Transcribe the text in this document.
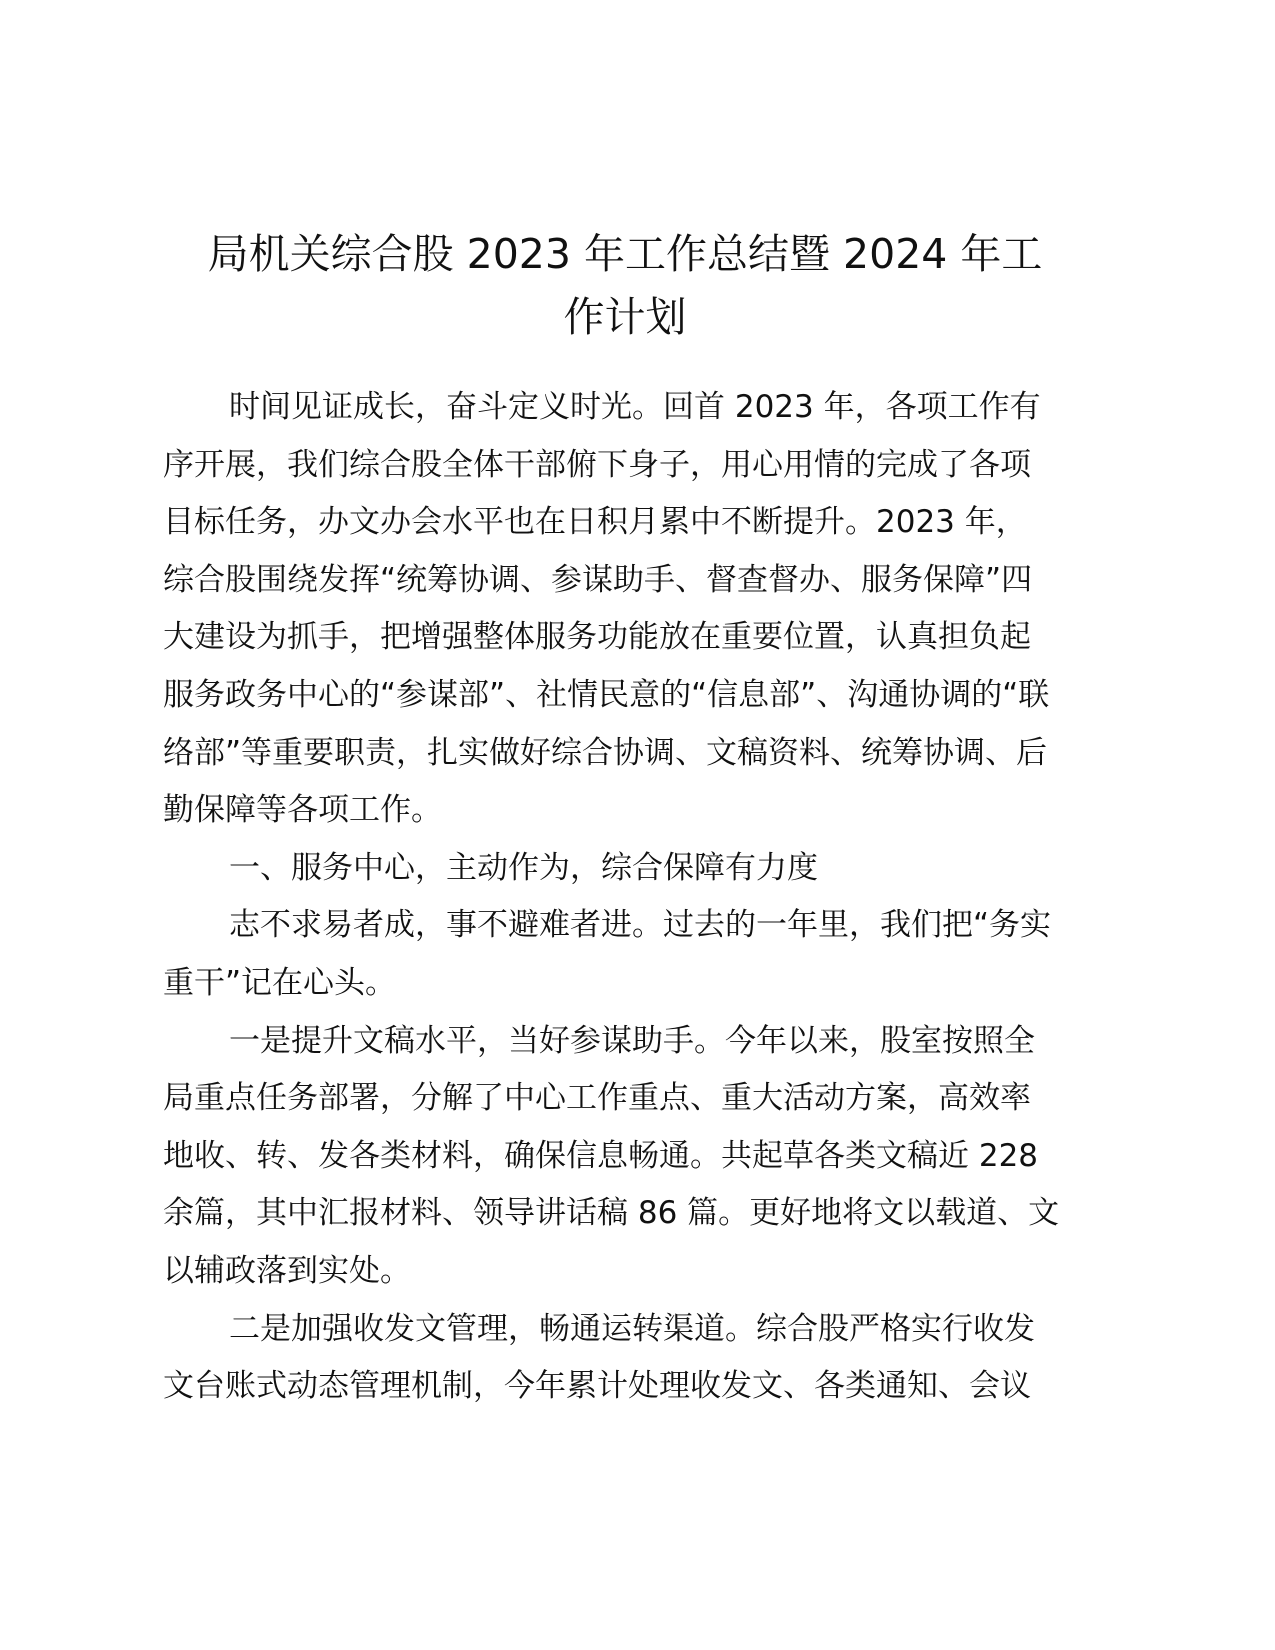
局机关综合股 2023 年工作总结暨 2024 年工
作计划
时间见证成长，奋斗定义时光。回首 2023 年，各项工作有
序开展，我们综合股全体干部俯下身子，用心用情的完成了各项
目标任务，办文办会水平也在日积月累中不断提升。2023 年，
综合股围绕发挥“统筹协调、参谋助手、督查督办、服务保障”四
大建设为抓手，把增强整体服务功能放在重要位置，认真担负起
服务政务中心的“参谋部”、社情民意的“信息部”、沟通协调的“联
络部”等重要职责，扎实做好综合协调、文稿资料、统筹协调、后
勤保障等各项工作。
一、服务中心，主动作为，综合保障有力度
志不求易者成，事不避难者进。过去的一年里，我们把“务实
重干”记在心头。
一是提升文稿水平，当好参谋助手。今年以来，股室按照全
局重点任务部署，分解了中心工作重点、重大活动方案，高效率
地收、转、发各类材料，确保信息畅通。共起草各类文稿近 228
余篇，其中汇报材料、领导讲话稿 86 篇。更好地将文以载道、文
以辅政落到实处。
二是加强收发文管理，畅通运转渠道。综合股严格实行收发
文台账式动态管理机制，今年累计处理收发文、各类通知、会议
